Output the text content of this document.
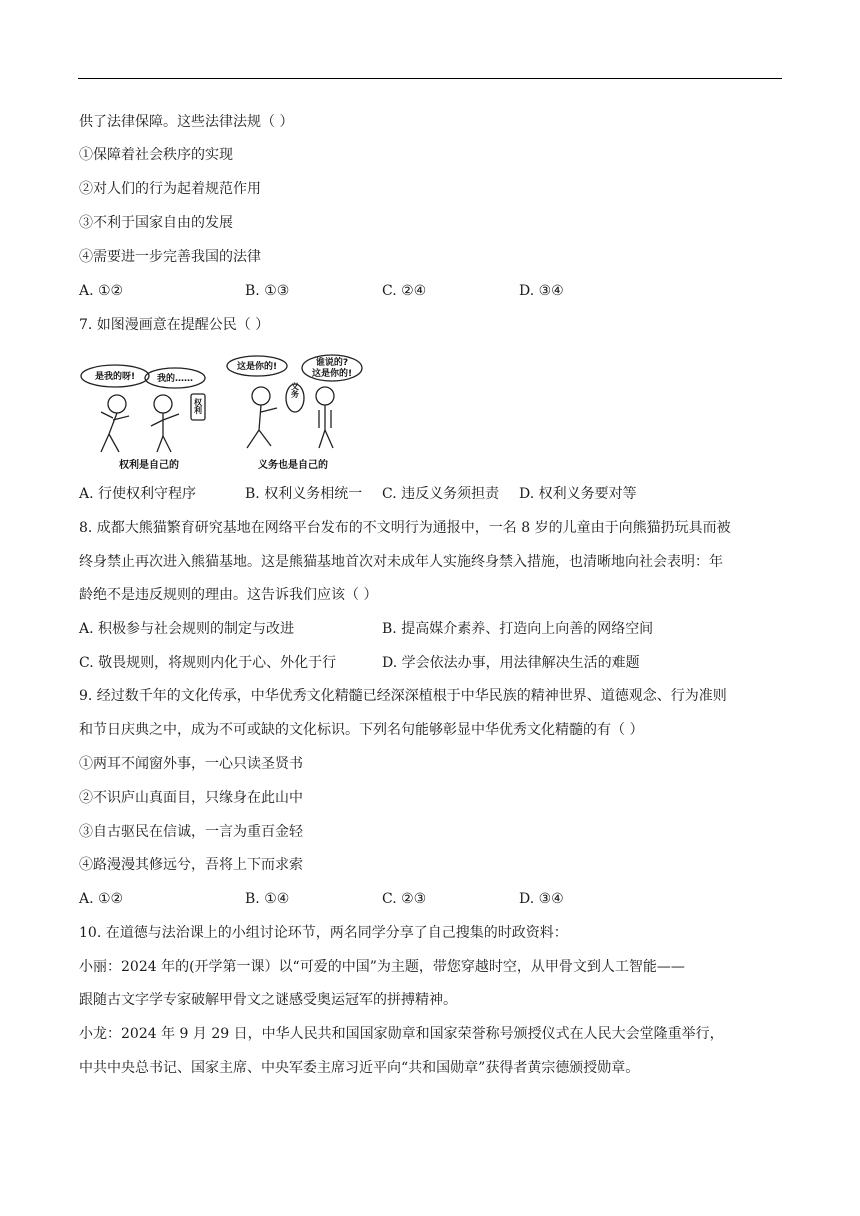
供了法律保障。这些法律法规（ ）
①保障着社会秩序的实现
②对人们的行为起着规范作用
③不利于国家自由的发展
④需要进一步完善我国的法律
A. ①②	B. ①③	C. ②④	D. ③④
7. 如图漫画意在提醒公民（ ）
是我的呀! 我的……
这是你的!	谁说的?
这是你的!
权利
义务
权利是自己的	义务也是自己的
A. 行使权利守程序	B. 权利义务相统一 C. 违反义务须担责 D. 权利义务要对等
8. 成都大熊猫繁育研究基地在网络平台发布的不文明行为通报中，一名 8 岁的儿童由于向熊猫扔玩具而被
终身禁止再次进入熊猫基地。这是熊猫基地首次对未成年人实施终身禁入措施，也清晰地向社会表明：年
龄绝不是违反规则的理由。这告诉我们应该（ ）
A. 积极参与社会规则的制定与改进	B. 提高媒介素养、打造向上向善的网络空间
C. 敬畏规则，将规则内化于心、外化于行	D. 学会依法办事，用法律解决生活的难题
9. 经过数千年的文化传承，中华优秀文化精髓已经深深植根于中华民族的精神世界、道德观念、行为准则
和节日庆典之中，成为不可或缺的文化标识。下列名句能够彰显中华优秀文化精髓的有（ ）
①两耳不闻窗外事，一心只读圣贤书
②不识庐山真面目，只缘身在此山中
③自古驱民在信诚，一言为重百金轻
④路漫漫其修远兮，吾将上下而求索
A. ①②	B. ①④	C. ②③	D. ③④
10. 在道德与法治课上的小组讨论环节，两名同学分享了自己搜集的时政资料：
小丽：2024 年的(开学第一课）以“可爱的中国”为主题，带您穿越时空，从甲骨文到人工智能——
跟随古文字学专家破解甲骨文之谜感受奥运冠军的拼搏精神。
小龙：2024 年 9 月 29 日，中华人民共和国国家勋章和国家荣誉称号颁授仪式在人民大会堂隆重举行，
中共中央总书记、国家主席、中央军委主席习近平向“共和国勋章”获得者黄宗德颁授勋章。
